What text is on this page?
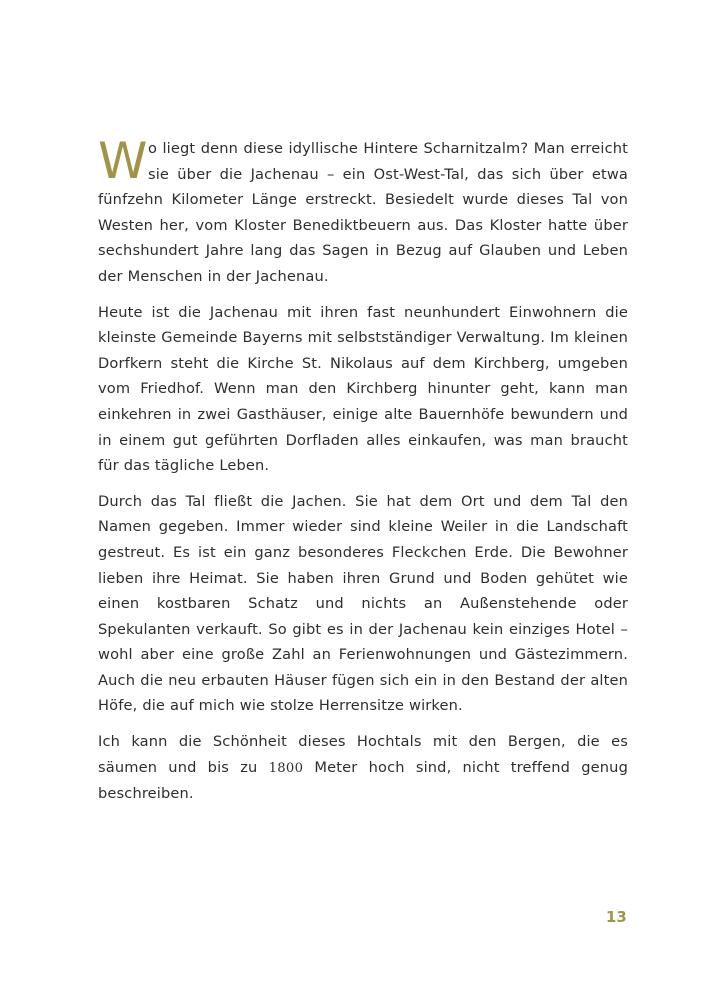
Wo liegt denn diese idyllische Hintere Scharnitzalm? Man erreicht sie über die Jachenau – ein Ost-West-Tal, das sich über etwa fünfzehn Kilometer Länge erstreckt. Besiedelt wurde dieses Tal von Westen her, vom Kloster Benediktbeuern aus. Das Kloster hatte über sechshundert Jahre lang das Sagen in Bezug auf Glauben und Leben der Menschen in der Jachenau.

Heute ist die Jachenau mit ihren fast neunhundert Einwohnern die kleinste Gemeinde Bayerns mit selbstständiger Verwaltung. Im kleinen Dorfkern steht die Kirche St. Nikolaus auf dem Kirchberg, umgeben vom Friedhof. Wenn man den Kirchberg hinunter geht, kann man einkehren in zwei Gasthäuser, einige alte Bauernhöfe bewundern und in einem gut geführten Dorfladen alles einkaufen, was man braucht für das tägliche Leben.

Durch das Tal fließt die Jachen. Sie hat dem Ort und dem Tal den Namen gegeben. Immer wieder sind kleine Weiler in die Landschaft gestreut. Es ist ein ganz besonderes Fleckchen Erde. Die Bewohner lieben ihre Heimat. Sie haben ihren Grund und Boden gehütet wie einen kostbaren Schatz und nichts an Außenstehende oder Spekulanten verkauft. So gibt es in der Jachenau kein einziges Hotel – wohl aber eine große Zahl an Ferienwohnungen und Gästezimmern. Auch die neu erbauten Häuser fügen sich ein in den Bestand der alten Höfe, die auf mich wie stolze Herrensitze wirken.

Ich kann die Schönheit dieses Hochtals mit den Bergen, die es säumen und bis zu 1800 Meter hoch sind, nicht treffend genug beschreiben.

13
